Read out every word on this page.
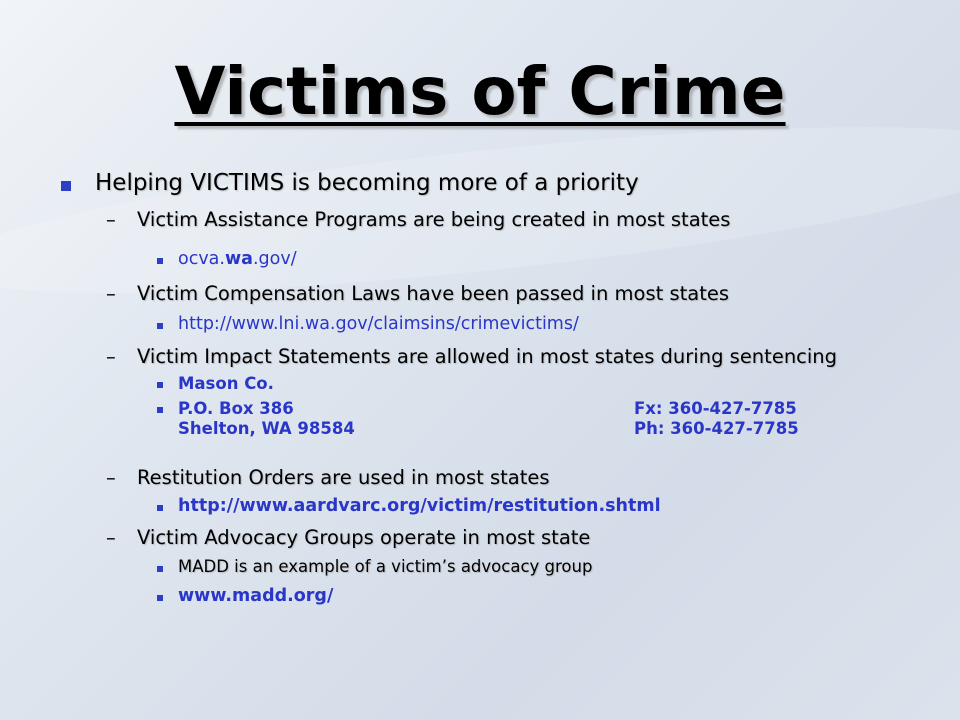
Victims of Crime
Helping VICTIMS is becoming more of a priority
– Victim Assistance Programs are being created in most states
ocva.wa.gov/
– Victim Compensation Laws have been passed in most states
http://www.lni.wa.gov/claimsins/crimevictims/
– Victim Impact Statements are allowed in most states during sentencing
Mason Co.
P.O. Box 386
Shelton, WA 98584
Fx: 360-427-7785
Ph: 360-427-7785
– Restitution Orders are used in most states
http://www.aardvarc.org/victim/restitution.shtml
– Victim Advocacy Groups operate in most state
MADD is an example of a victim’s advocacy group
www.madd.org/
